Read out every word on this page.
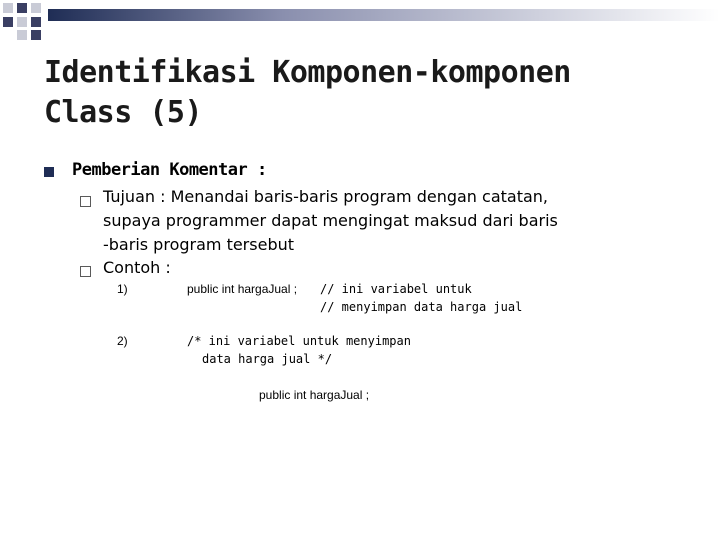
Identifikasi Komponen-komponen
Class (5)
Pemberian Komentar :
Tujuan : Menandai baris-baris program dengan catatan,
supaya programmer dapat mengingat maksud dari baris
-baris program tersebut
Contoh :
1)	public int hargaJual ; // ini variabel untuk
// menyimpan data harga jual
2)	/* ini variabel untuk menyimpan
data harga jual */
public int hargaJual ;
